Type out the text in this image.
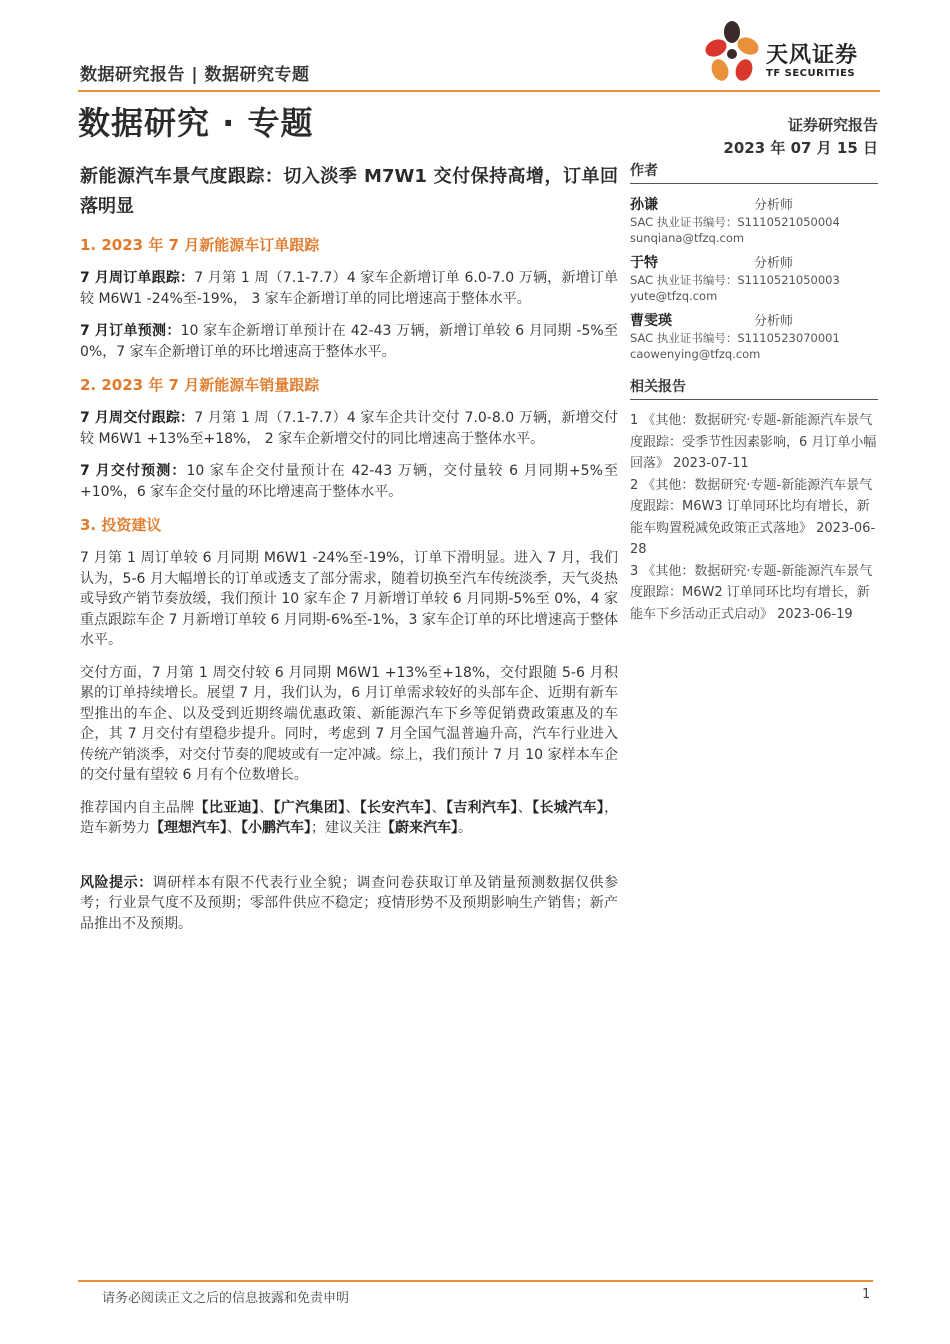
数据研究报告 | 数据研究专题
数据研究 · 专题
天风证券
TF SECURITIES
证券研究报告
2023 年 07 月 15 日
新能源汽车景气度跟踪：切入淡季 M7W1 交付保持高增，订单回落明显
1. 2023 年 7 月新能源车订单跟踪

7 月周订单跟踪：7 月第 1 周（7.1-7.7）4 家车企新增订单 6.0-7.0 万辆，新增订单较 M6W1 -24%至-19%， 3 家车企新增订单的同比增速高于整体水平。

7 月订单预测：10 家车企新增订单预计在 42-43 万辆，新增订单较 6 月同期 -5%至 0%，7 家车企新增订单的环比增速高于整体水平。

2. 2023 年 7 月新能源车销量跟踪

7 月周交付跟踪：7 月第 1 周（7.1-7.7）4 家车企共计交付 7.0-8.0 万辆，新增交付较 M6W1 +13%至+18%， 2 家车企新增交付的同比增速高于整体水平。

7 月交付预测：10 家车企交付量预计在 42-43 万辆，交付量较 6 月同期+5%至+10%，6 家车企交付量的环比增速高于整体水平。

3. 投资建议

7 月第 1 周订单较 6 月同期 M6W1 -24%至-19%，订单下滑明显。进入 7 月，我们认为，5-6 月大幅增长的订单或透支了部分需求，随着切换至汽车传统淡季，天气炎热或导致产销节奏放缓，我们预计 10 家车企 7 月新增订单较 6 月同期-5%至 0%，4 家重点跟踪车企 7 月新增订单较 6 月同期-6%至-1%，3 家车企订单的环比增速高于整体水平。

交付方面，7 月第 1 周交付较 6 月同期 M6W1 +13%至+18%，交付跟随 5-6 月积累的订单持续增长。展望 7 月，我们认为，6 月订单需求较好的头部车企、近期有新车型推出的车企、以及受到近期终端优惠政策、新能源汽车下乡等促销费政策惠及的车企，其 7 月交付有望稳步提升。同时，考虑到 7 月全国气温普遍升高，汽车行业进入传统产销淡季，对交付节奏的爬坡或有一定冲减。综上，我们预计 7 月 10 家样本车企的交付量有望较 6 月有个位数增长。

推荐国内自主品牌【比亚迪】、【广汽集团】、【长安汽车】、【吉利汽车】、【长城汽车】，造车新势力【理想汽车】、【小鹏汽车】；建议关注【蔚来汽车】。

风险提示：调研样本有限不代表行业全貌；调查问卷获取订单及销量预测数据仅供参考；行业景气度不及预期；零部件供应不稳定；疫情形势不及预期影响生产销售；新产品推出不及预期。

作者
孙谦	分析师
SAC 执业证书编号：S1110521050004
sunqiana@tfzq.com
于特	分析师
SAC 执业证书编号：S1110521050003
yute@tfzq.com
曹雯瑛	分析师
SAC 执业证书编号：S1110523070001
caowenying@tfzq.com
相关报告
1 《其他：数据研究·专题-新能源汽车景气度跟踪：受季节性因素影响，6 月订单小幅回落》 2023-07-11
2 《其他：数据研究·专题-新能源汽车景气度跟踪：M6W3 订单同环比均有增长，新能车购置税减免政策正式落地》 2023-06-28
3 《其他：数据研究·专题-新能源汽车景气度跟踪：M6W2 订单同环比均有增长，新能车下乡活动正式启动》 2023-06-19
请务必阅读正文之后的信息披露和免责申明	1
